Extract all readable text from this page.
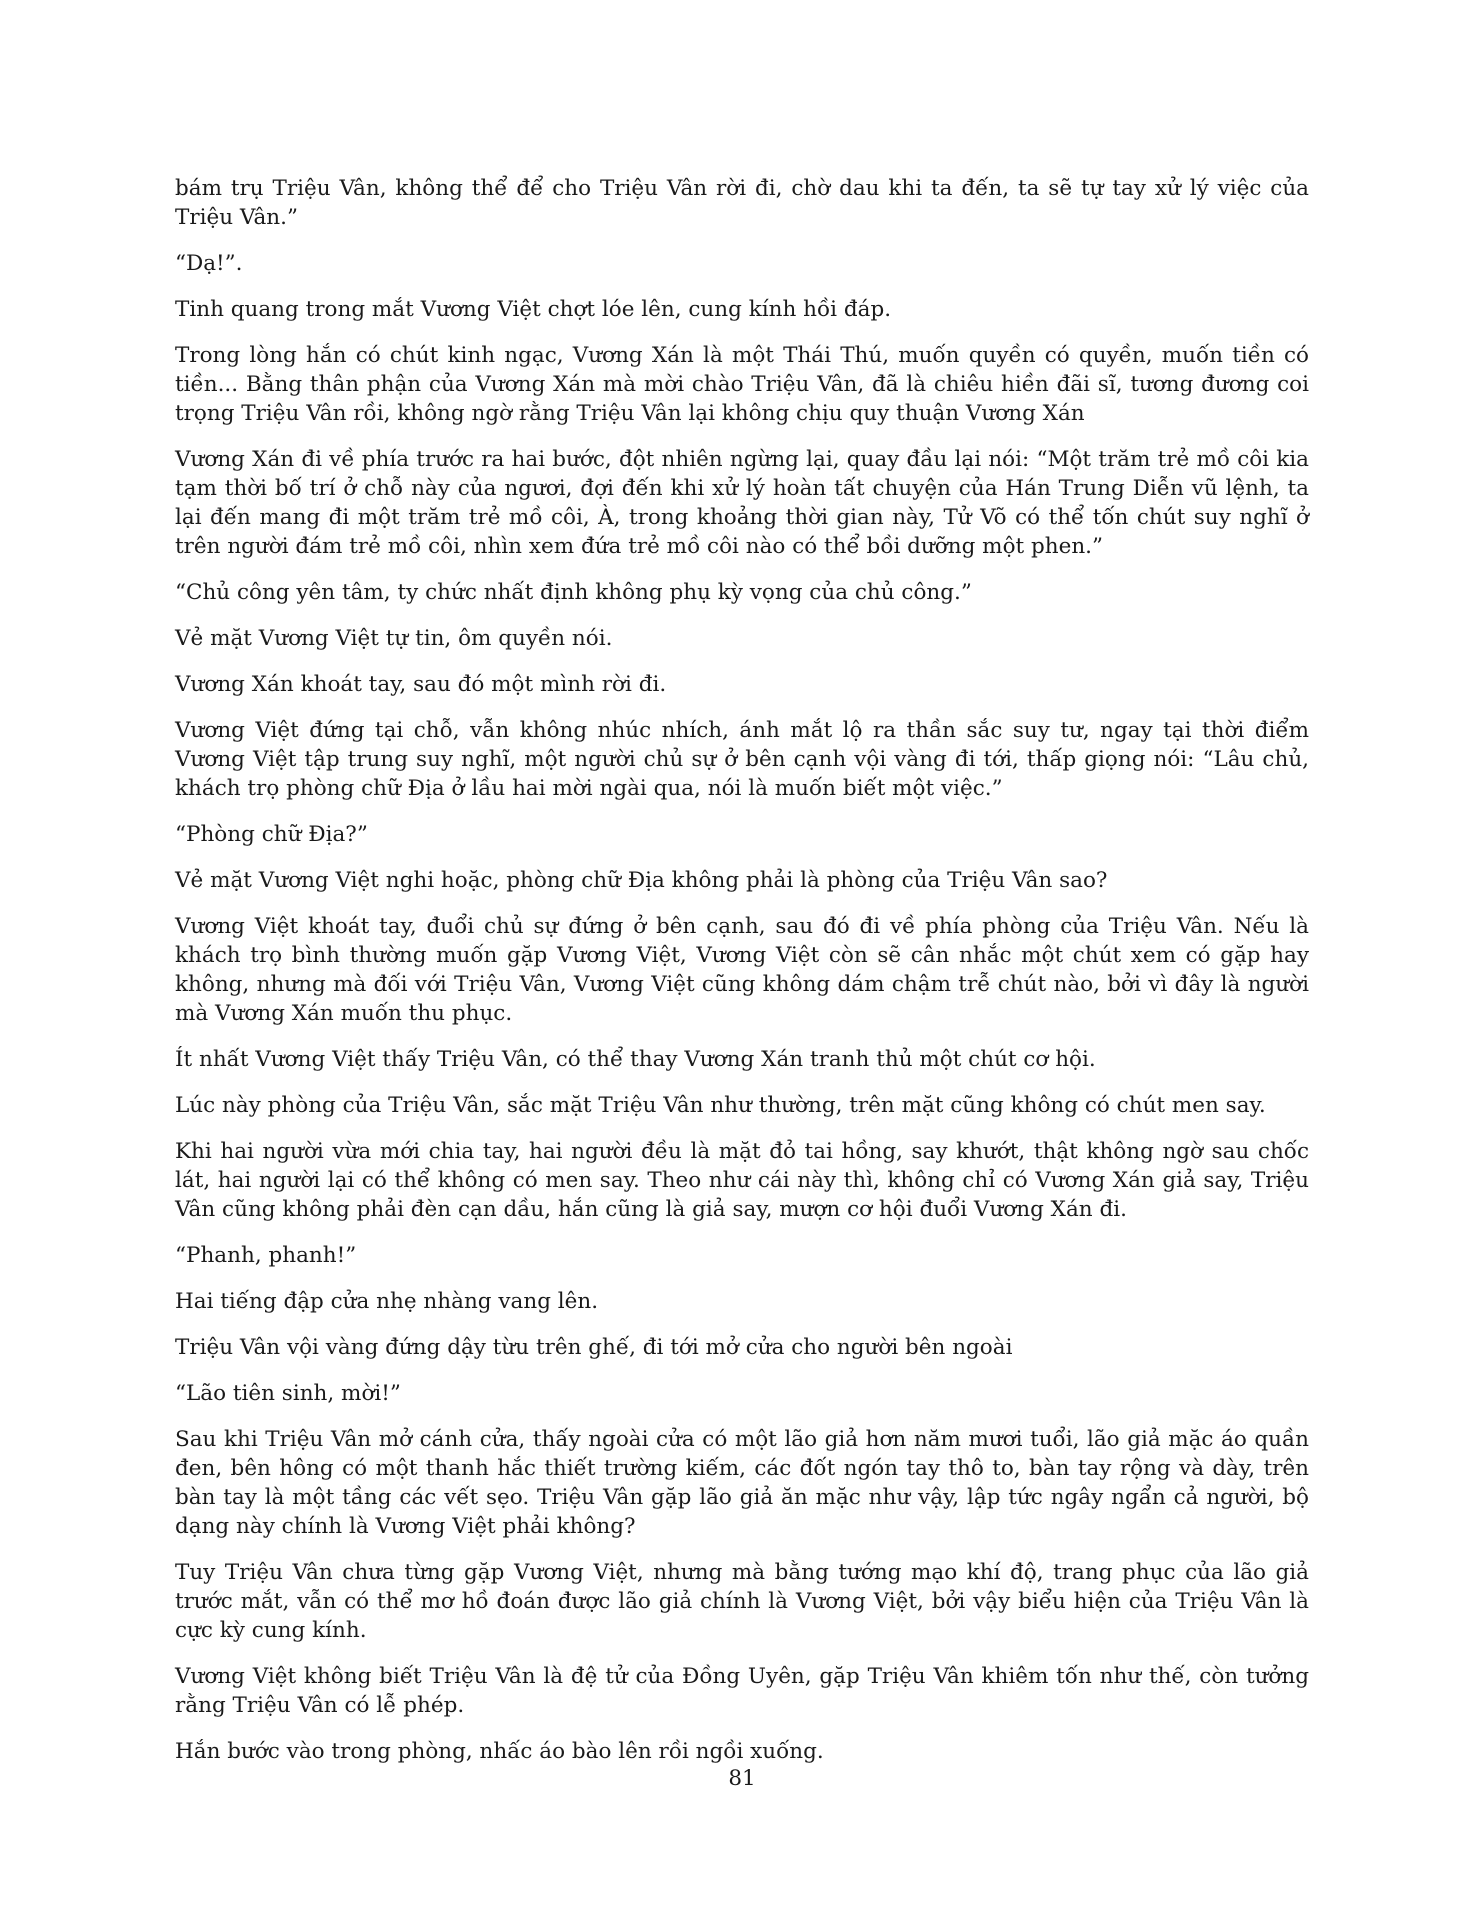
bám trụ Triệu Vân, không thể để cho Triệu Vân rời đi, chờ dau khi ta đến, ta sẽ tự tay xử lý việc của Triệu Vân.”

“Dạ!”.

Tinh quang trong mắt Vương Việt chợt lóe lên, cung kính hồi đáp.

Trong lòng hắn có chút kinh ngạc, Vương Xán là một Thái Thú, muốn quyền có quyền, muốn tiền có tiền... Bằng thân phận của Vương Xán mà mời chào Triệu Vân, đã là chiêu hiền đãi sĩ, tương đương coi trọng Triệu Vân rồi, không ngờ rằng Triệu Vân lại không chịu quy thuận Vương Xán

Vương Xán đi về phía trước ra hai bước, đột nhiên ngừng lại, quay đầu lại nói: “Một trăm trẻ mồ côi kia tạm thời bố trí ở chỗ này của ngươi, đợi đến khi xử lý hoàn tất chuyện của Hán Trung Diễn vũ lệnh, ta lại đến mang đi một trăm trẻ mồ côi, À, trong khoảng thời gian này, Tử Võ có thể tốn chút suy nghĩ ở trên người đám trẻ mồ côi, nhìn xem đứa trẻ mồ côi nào có thể bồi dưỡng một phen.”

“Chủ công yên tâm, ty chức nhất định không phụ kỳ vọng của chủ công.”

Vẻ mặt Vương Việt tự tin, ôm quyền nói.

Vương Xán khoát tay, sau đó một mình rời đi.

Vương Việt đứng tại chỗ, vẫn không nhúc nhích, ánh mắt lộ ra thần sắc suy tư, ngay tại thời điểm Vương Việt tập trung suy nghĩ, một người chủ sự ở bên cạnh vội vàng đi tới, thấp giọng nói: “Lâu chủ, khách trọ phòng chữ Địa ở lầu hai mời ngài qua, nói là muốn biết một việc.”

“Phòng chữ Địa?”

Vẻ mặt Vương Việt nghi hoặc, phòng chữ Địa không phải là phòng của Triệu Vân sao?

Vương Việt khoát tay, đuổi chủ sự đứng ở bên cạnh, sau đó đi về phía phòng của Triệu Vân. Nếu là khách trọ bình thường muốn gặp Vương Việt, Vương Việt còn sẽ cân nhắc một chút xem có gặp hay không, nhưng mà đối với Triệu Vân, Vương Việt cũng không dám chậm trễ chút nào, bởi vì đây là người mà Vương Xán muốn thu phục.

Ít nhất Vương Việt thấy Triệu Vân, có thể thay Vương Xán tranh thủ một chút cơ hội.

Lúc này phòng của Triệu Vân, sắc mặt Triệu Vân như thường, trên mặt cũng không có chút men say.

Khi hai người vừa mới chia tay, hai người đều là mặt đỏ tai hồng, say khướt, thật không ngờ sau chốc lát, hai người lại có thể không có men say. Theo như cái này thì, không chỉ có Vương Xán giả say, Triệu Vân cũng không phải đèn cạn dầu, hắn cũng là giả say, mượn cơ hội đuổi Vương Xán đi.

“Phanh, phanh!”

Hai tiếng đập cửa nhẹ nhàng vang lên.

Triệu Vân vội vàng đứng dậy từu trên ghế, đi tới mở cửa cho người bên ngoài

“Lão tiên sinh, mời!”

Sau khi Triệu Vân mở cánh cửa, thấy ngoài cửa có một lão giả hơn năm mươi tuổi, lão giả mặc áo quần đen, bên hông có một thanh hắc thiết trường kiếm, các đốt ngón tay thô to, bàn tay rộng và dày, trên bàn tay là một tầng các vết sẹo. Triệu Vân gặp lão giả ăn mặc như vậy, lập tức ngây ngẩn cả người, bộ dạng này chính là Vương Việt phải không?

Tuy Triệu Vân chưa từng gặp Vương Việt, nhưng mà bằng tướng mạo khí độ, trang phục của lão giả trước mắt, vẫn có thể mơ hồ đoán được lão giả chính là Vương Việt, bởi vậy biểu hiện của Triệu Vân là cực kỳ cung kính.

Vương Việt không biết Triệu Vân là đệ tử của Đồng Uyên, gặp Triệu Vân khiêm tốn như thế, còn tưởng rằng Triệu Vân có lễ phép.

Hắn bước vào trong phòng, nhấc áo bào lên rồi ngồi xuống.

81
